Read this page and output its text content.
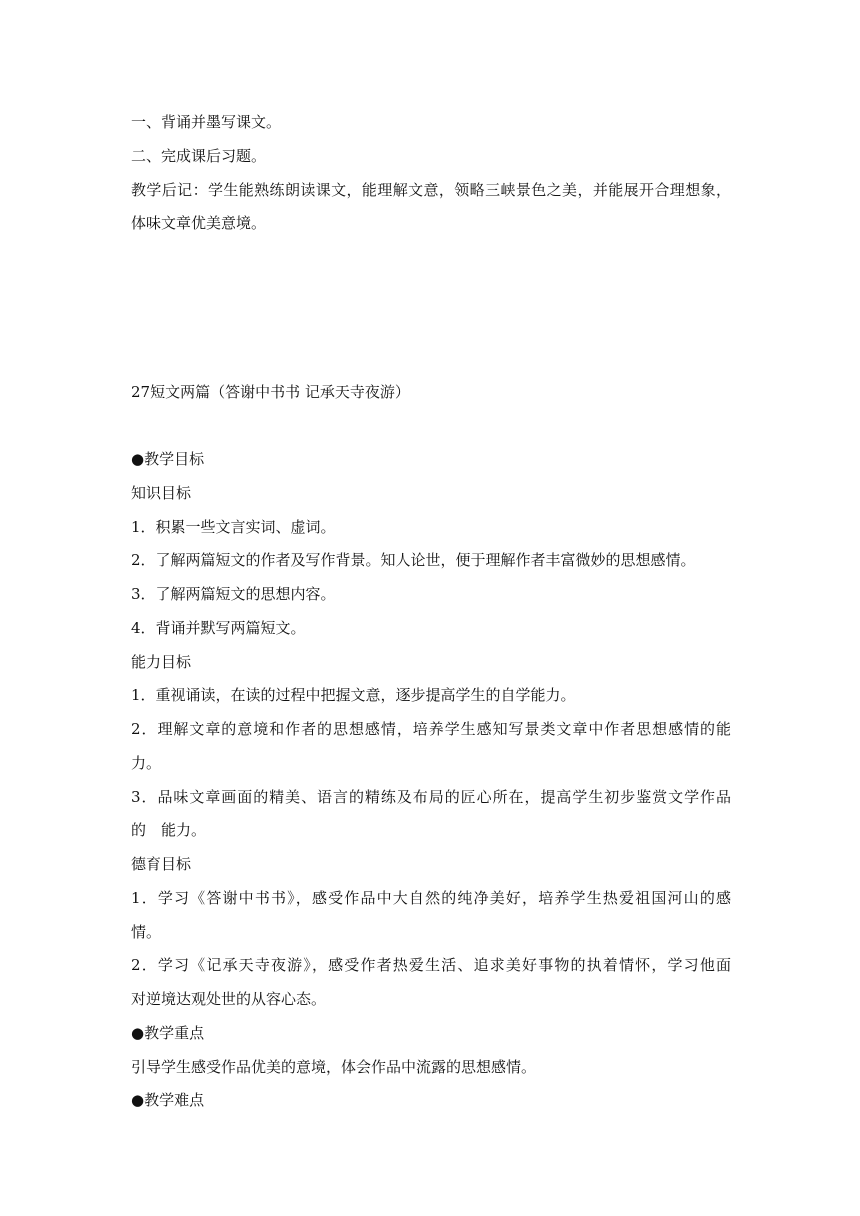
一、背诵并墨写课文。
二、完成课后习题。
教学后记：学生能熟练朗读课文，能理解文意，领略三峡景色之美，并能展开合理想象，
体味文章优美意境。
27短文两篇（答谢中书书 记承天寺夜游）
●教学目标
知识目标
1．积累一些文言实词、虚词。
2．了解两篇短文的作者及写作背景。知人论世，便于理解作者丰富微妙的思想感情。
3．了解两篇短文的思想内容。
4．背诵并默写两篇短文。
能力目标
1．重视诵读，在读的过程中把握文意，逐步提高学生的自学能力。
2．理解文章的意境和作者的思想感情，培养学生感知写景类文章中作者思想感情的能
力。
3．品味文章画面的精美、语言的精练及布局的匠心所在，提高学生初步鉴赏文学作品
的　能力。
德育目标
1．学习《答谢中书书》，感受作品中大自然的纯净美好，培养学生热爱祖国河山的感
情。
2．学习《记承天寺夜游》，感受作者热爱生活、追求美好事物的执着情怀，学习他面
对逆境达观处世的从容心态。
●教学重点
引导学生感受作品优美的意境，体会作品中流露的思想感情。
●教学难点
